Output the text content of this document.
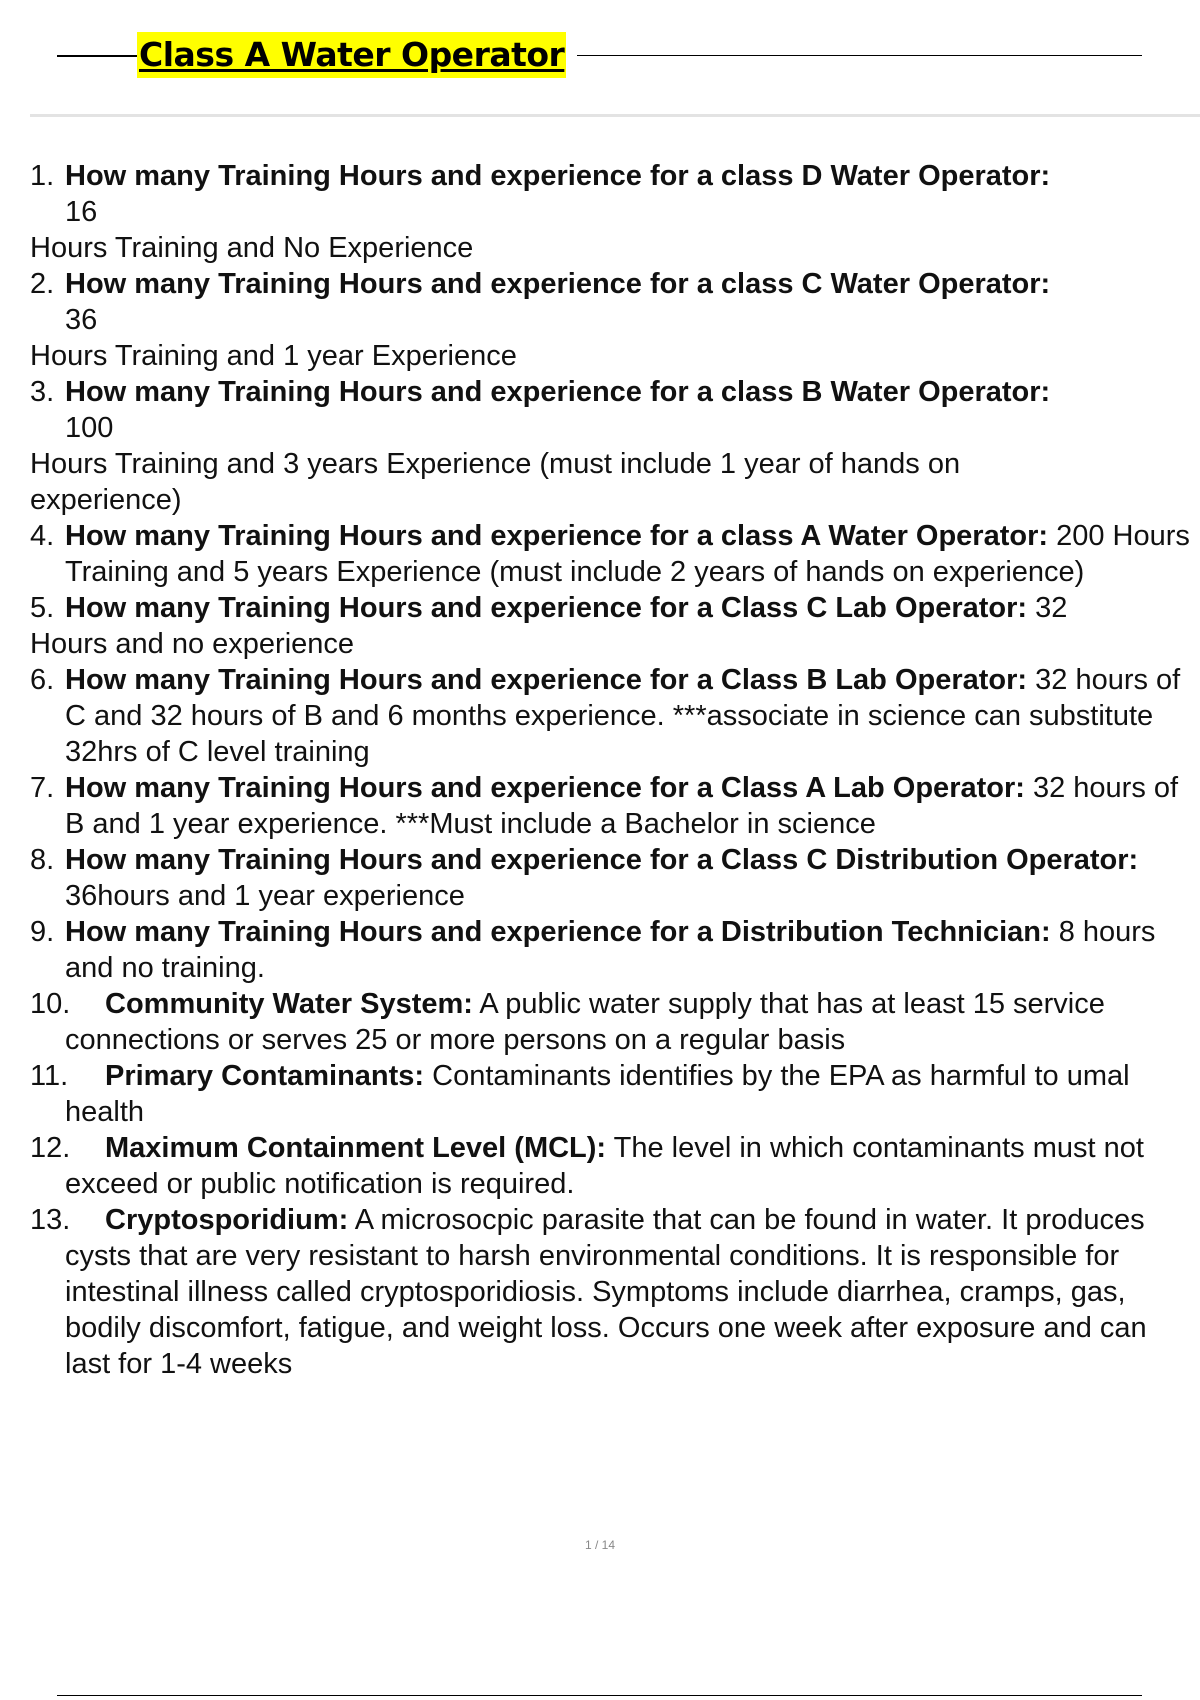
Class A Water Operator
1. How many Training Hours and experience for a class D Water Operator:
16
Hours Training and No Experience
2. How many Training Hours and experience for a class C Water Operator:
36
Hours Training and 1 year Experience
3. How many Training Hours and experience for a class B Water Operator:
100
Hours Training and 3 years Experience (must include 1 year of hands on experience)
4. How many Training Hours and experience for a class A Water Operator: 200 Hours Training and 5 years Experience (must include 2 years of hands on experience)
5. How many Training Hours and experience for a Class C Lab Operator: 32
Hours and no experience
6. How many Training Hours and experience for a Class B Lab Operator: 32 hours of C and 32 hours of B and 6 months experience. ***associate in science can substitute 32hrs of C level training
7. How many Training Hours and experience for a Class A Lab Operator: 32 hours of B and 1 year experience. ***Must include a Bachelor in science
8. How many Training Hours and experience for a Class C Distribution Operator: 36hours and 1 year experience
9. How many Training Hours and experience for a Distribution Technician: 8 hours and no training.
10.	Community Water System: A public water supply that has at least 15 service connections or serves 25 or more persons on a regular basis
11.	Primary Contaminants: Contaminants identifies by the EPA as harmful to umal health
12.	Maximum Containment Level (MCL): The level in which contaminants must not exceed or public notification is required.
13.	Cryptosporidium: A microsocpic parasite that can be found in water. It produces cysts that are very resistant to harsh environmental conditions. It is responsible for intestinal illness called cryptosporidiosis. Symptoms include diarrhea, cramps, gas, bodily discomfort, fatigue, and weight loss. Occurs one week after exposure and can last for 1-4 weeks
1 / 14
